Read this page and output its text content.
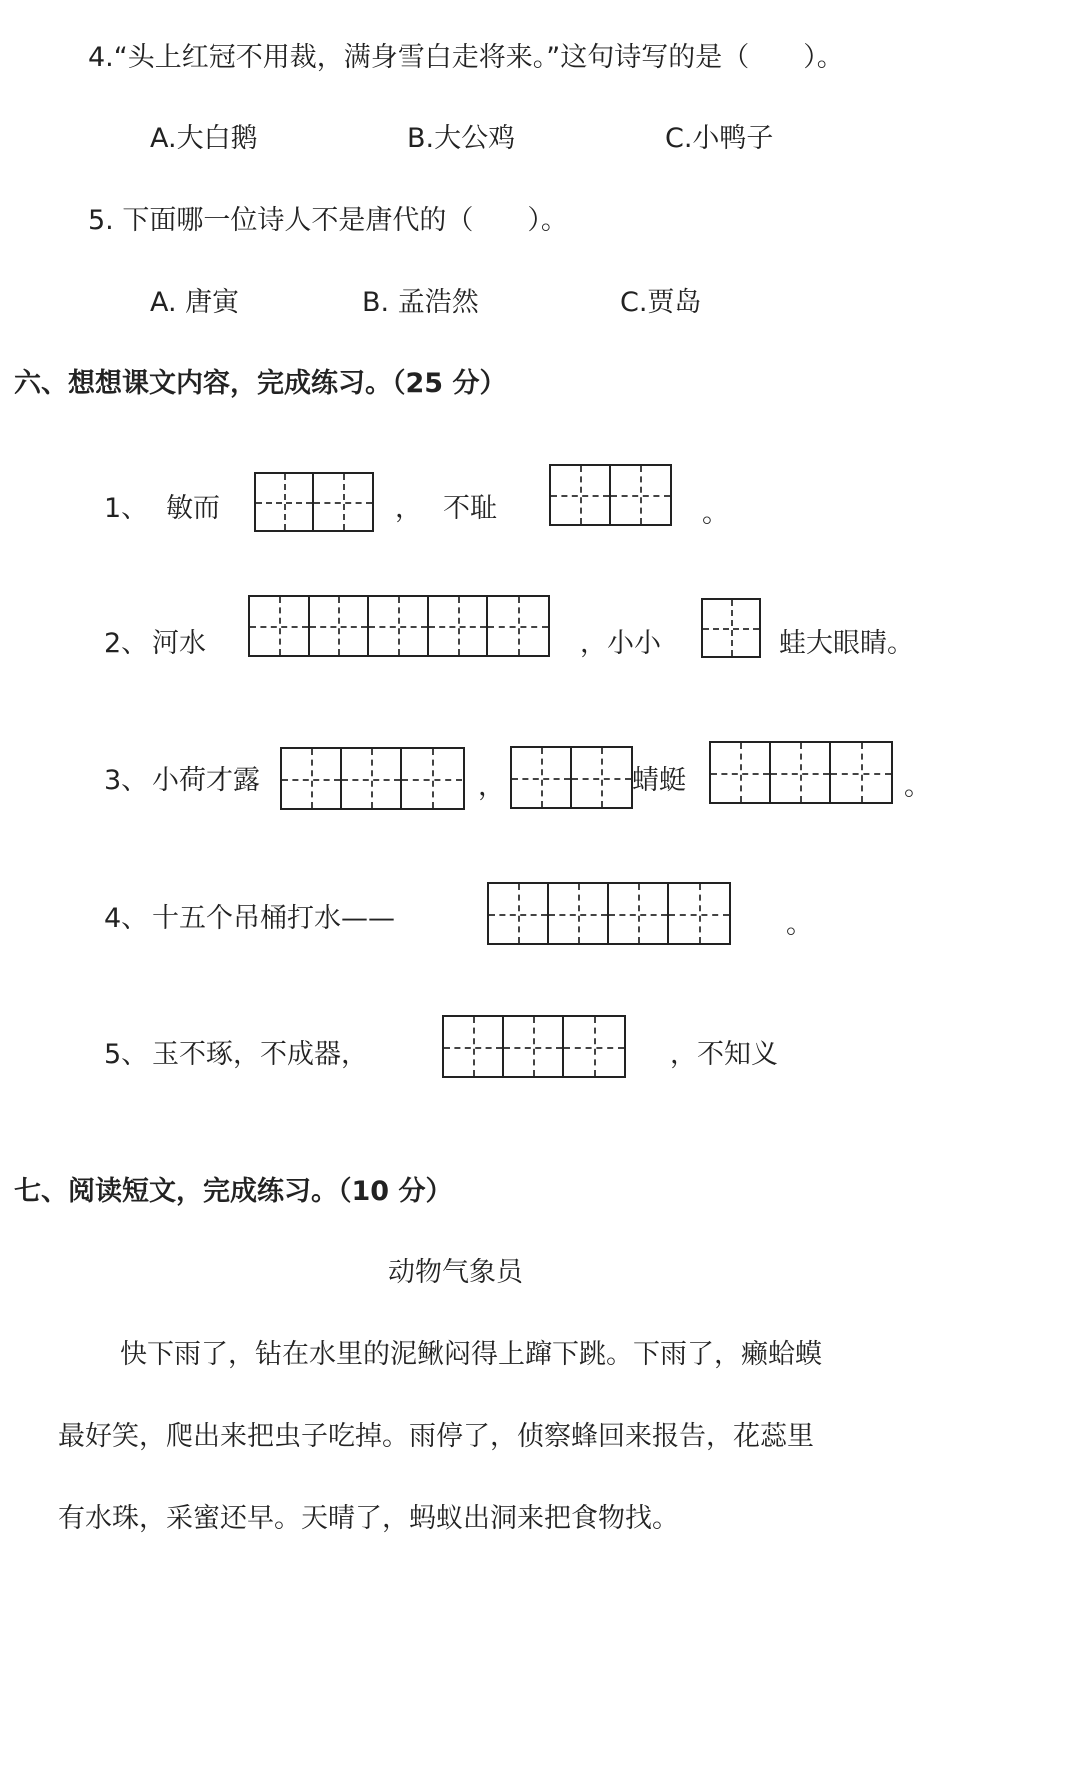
4.“头上红冠不用裁，满身雪白走将来。”这句诗写的是（　　）。
A.大白鹅	B.大公鸡	C.小鸭子
5. 下面哪一位诗人不是唐代的（　　）。
A. 唐寅	B. 孟浩然	C.贾岛
六、想想课文内容，完成练习。（25 分）
1、 敏而	， 不耻	。
2、 河水	，小小	蛙大眼睛。
3、 小荷才露	，	蜻蜓	。
4、 十五个吊桶打水——	。
5、 玉不琢，不成器，	，不知义
七、阅读短文，完成练习。（10 分）
动物气象员
快下雨了，钻在水里的泥鳅闷得上蹿下跳。下雨了，癞蛤蟆
最好笑，爬出来把虫子吃掉。雨停了，侦察蜂回来报告，花蕊里
有水珠，采蜜还早。天晴了，蚂蚁出洞来把食物找。
